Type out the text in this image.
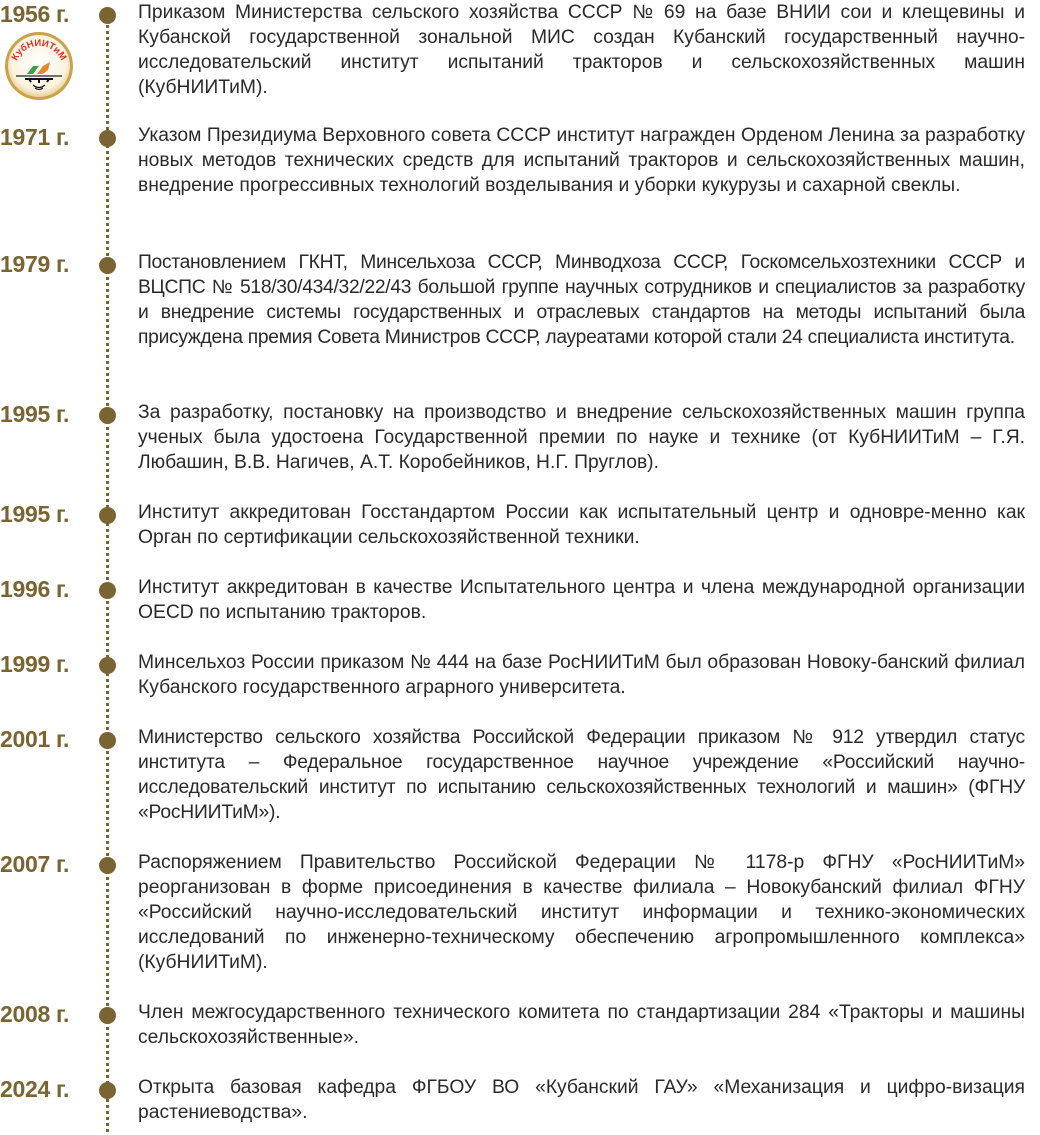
1956 г.	Приказом Министерства сельского хозяйства СССР № 69 на базе ВНИИ сои и клещевины и Кубанской государственной зональной МИС создан Кубанский государственный научно-исследовательский институт испытаний тракторов и сельскохозяйственных машин (КубНИИТиМ).
КубНИИТиМ
1971 г.	Указом Президиума Верховного совета СССР институт награжден Орденом Ленина за разработку новых методов технических средств для испытаний тракторов и сельскохозяйственных машин, внедрение прогрессивных технологий возделывания и уборки кукурузы и сахарной свеклы.
1979 г.	Постановлением ГКНТ, Минсельхоза СССР, Минводхоза СССР, Госкомсельхозтехники СССР и ВЦСПС № 518/30/434/32/22/43 большой группе научных сотрудников и специалистов за разработку и внедрение системы государственных и отраслевых стандартов на методы испытаний была присуждена премия Совета Министров СССР, лауреатами которой стали 24 специалиста института.
1995 г.	За разработку, постановку на производство и внедрение сельскохозяйственных машин группа ученых была удостоена Государственной премии по науке и технике (от КубНИИТиМ – Г.Я. Любашин, В.В. Нагичев, А.Т. Коробейников, Н.Г. Пруглов).
1995 г.	Институт аккредитован Госстандартом России как испытательный центр и одновре-менно как Орган по сертификации сельскохозяйственной техники.
1996 г.	Институт аккредитован в качестве Испытательного центра и члена международной организации OECD по испытанию тракторов.
1999 г.	Минсельхоз России приказом № 444 на базе РосНИИТиМ был образован Новоку-банский филиал Кубанского государственного аграрного университета.
2001 г.	Министерство сельского хозяйства Российской Федерации приказом № 912 утвердил статус института – Федеральное государственное научное учреждение «Российский научно-исследовательский институт по испытанию сельскохозяйственных технологий и машин» (ФГНУ «РосНИИТиМ»).
2007 г.	Распоряжением Правительство Российской Федерации № 1178-р ФГНУ «РосНИИТиМ» реорганизован в форме присоединения в качестве филиала – Новокубанский филиал ФГНУ «Российский научно-исследовательский институт информации и технико-экономических исследований по инженерно-техническому обеспечению агропромышленного комплекса» (КубНИИТиМ).
2008 г.	Член межгосударственного технического комитета по стандартизации 284 «Тракторы и машины сельскохозяйственные».
2024 г.	Открыта базовая кафедра ФГБОУ ВО «Кубанский ГАУ» «Механизация и цифро-визация растениеводства».
